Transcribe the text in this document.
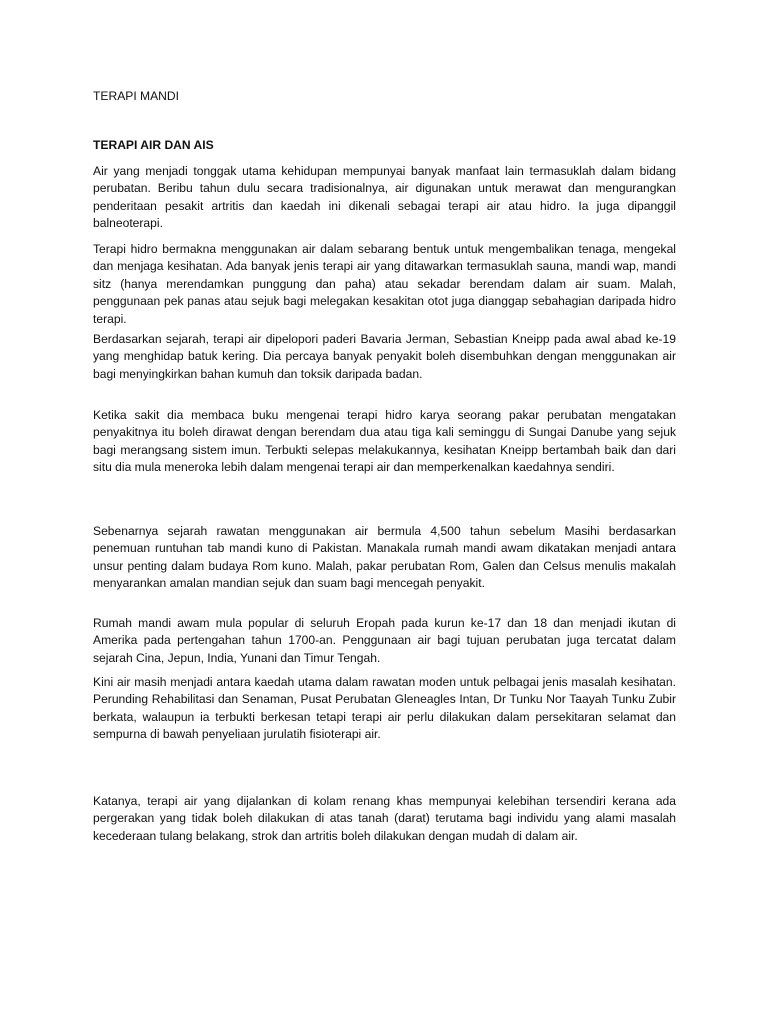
TERAPI MANDI

TERAPI AIR DAN AIS

Air yang menjadi tonggak utama kehidupan mempunyai banyak manfaat lain termasuklah dalam bidang perubatan. Beribu tahun dulu secara tradisionalnya, air digunakan untuk merawat dan mengurangkan penderitaan pesakit artritis dan kaedah ini dikenali sebagai terapi air atau hidro. Ia juga dipanggil balneoterapi.

Terapi hidro bermakna menggunakan air dalam sebarang bentuk untuk mengembalikan tenaga, mengekal dan menjaga kesihatan. Ada banyak jenis terapi air yang ditawarkan termasuklah sauna, mandi wap, mandi sitz (hanya merendamkan punggung dan paha) atau sekadar berendam dalam air suam. Malah, penggunaan pek panas atau sejuk bagi melegakan kesakitan otot juga dianggap sebahagian daripada hidro terapi.

Berdasarkan sejarah, terapi air dipelopori paderi Bavaria Jerman, Sebastian Kneipp pada awal abad ke-19 yang menghidap batuk kering. Dia percaya banyak penyakit boleh disembuhkan dengan menggunakan air bagi menyingkirkan bahan kumuh dan toksik daripada badan.

Ketika sakit dia membaca buku mengenai terapi hidro karya seorang pakar perubatan mengatakan penyakitnya itu boleh dirawat dengan berendam dua atau tiga kali seminggu di Sungai Danube yang sejuk bagi merangsang sistem imun. Terbukti selepas melakukannya, kesihatan Kneipp bertambah baik dan dari situ dia mula meneroka lebih dalam mengenai terapi air dan memperkenalkan kaedahnya sendiri.

Sebenarnya sejarah rawatan menggunakan air bermula 4,500 tahun sebelum Masihi berdasarkan penemuan runtuhan tab mandi kuno di Pakistan. Manakala rumah mandi awam dikatakan menjadi antara unsur penting dalam budaya Rom kuno. Malah, pakar perubatan Rom, Galen dan Celsus menulis makalah menyarankan amalan mandian sejuk dan suam bagi mencegah penyakit.

Rumah mandi awam mula popular di seluruh Eropah pada kurun ke-17 dan 18 dan menjadi ikutan di Amerika pada pertengahan tahun 1700-an. Penggunaan air bagi tujuan perubatan juga tercatat dalam sejarah Cina, Jepun, India, Yunani dan Timur Tengah.

Kini air masih menjadi antara kaedah utama dalam rawatan moden untuk pelbagai jenis masalah kesihatan. Perunding Rehabilitasi dan Senaman, Pusat Perubatan Gleneagles Intan, Dr Tunku Nor Taayah Tunku Zubir berkata, walaupun ia terbukti berkesan tetapi terapi air perlu dilakukan dalam persekitaran selamat dan sempurna di bawah penyeliaan jurulatih fisioterapi air.

Katanya, terapi air yang dijalankan di kolam renang khas mempunyai kelebihan tersendiri kerana ada pergerakan yang tidak boleh dilakukan di atas tanah (darat) terutama bagi individu yang alami masalah kecederaan tulang belakang, strok dan artritis boleh dilakukan dengan mudah di dalam air.
